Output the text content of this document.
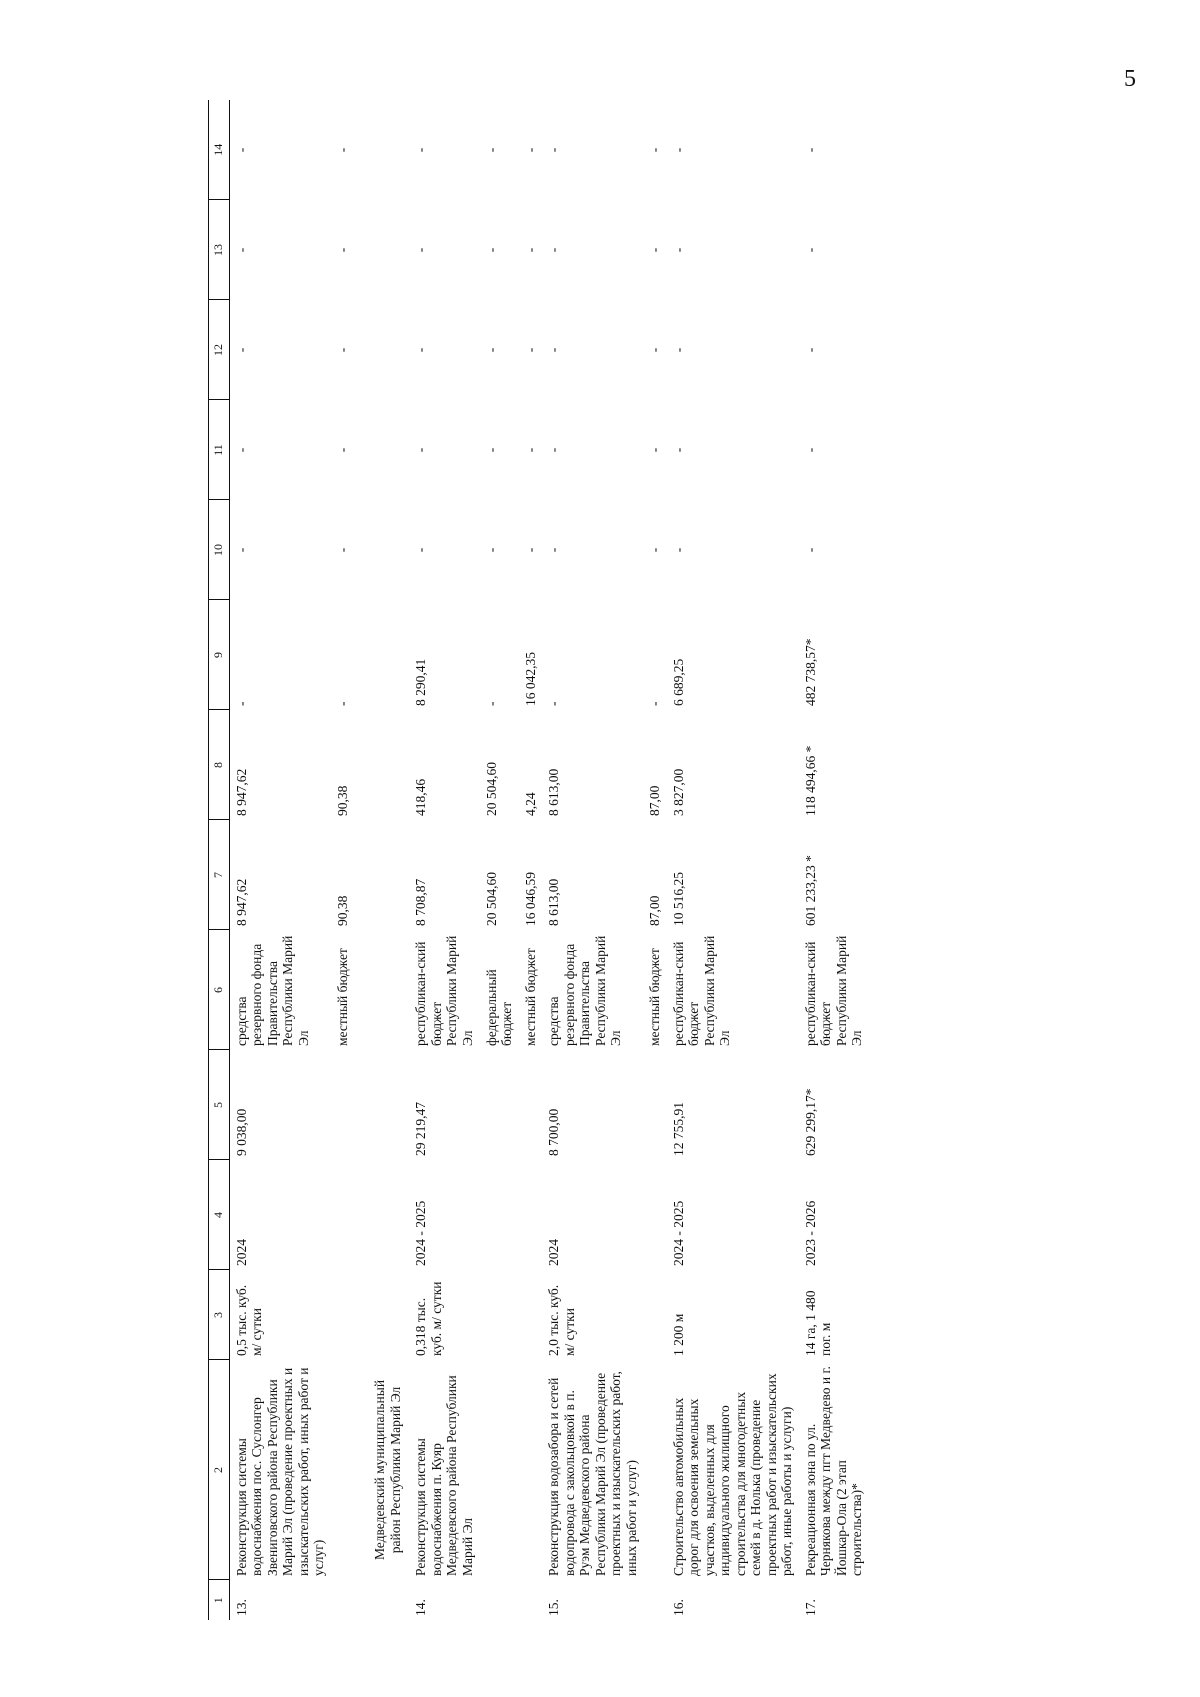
5
1	2	3	4	5	6	7	8	9	10	11	12	13	14
13.	Реконструкция системы водоснабжения пос. Суслонгер Звениговского района Республики Марий Эл (проведение проектных и изыскательских работ, иных работ и услуг)	0,5 тыс. куб. м/ сутки	2024	9 038,00	средства резервного фонда Правительства Республики Марий Эл	8 947,62	8 947,62	-	-	-	-	-	-
					местный бюджет	90,38	90,38	-	-	-	-	-	-
	Медведевский муниципальный район Республики Марий Эл												
14.	Реконструкция системы водоснабжения п. Куяр Медведевского района Республики Марий Эл	0,318 тыс. куб. м/ сутки	2024 - 2025	29 219,47	республикан-ский бюджет Республики Марий Эл	8 708,87	418,46	8 290,41	-	-	-	-	-
					федеральный бюджет	20 504,60	20 504,60	-	-	-	-	-	-
					местный бюджет	16 046,59	4,24	16 042,35	-	-	-	-	-
15.	Реконструкция водозабора и сетей водопровода с закольцовкой в п. Руэм Медведевского района Республики Марий Эл (проведение проектных и изыскательских работ, иных работ и услуг)	2,0 тыс. куб. м/ сутки	2024	8 700,00	средства резервного фонда Правительства Республики Марий Эл	8 613,00	8 613,00	-	-	-	-	-	-
					местный бюджет	87,00	87,00	-	-	-	-	-	-
16.	Строительство автомобильных дорог для освоения земельных участков, выделенных для индивидуального жилищного строительства для многодетных семей в д. Нолька (проведение проектных работ и изыскательских работ, иные работы и услуги)	1 200 м	2024 - 2025	12 755,91	республикан-ский бюджет Республики Марий Эл	10 516,25	3 827,00	6 689,25	-	-	-	-	-
17.	Рекреационная зона по ул. Чернякова между пгт Медведево и г. Йошкар-Ола (2 этап строительства)*	14 га, 1 480 пог. м	2023 - 2026	629 299,17*	республикан-ский бюджет Республики Марий Эл	601 233,23 *	118 494,66 *	482 738,57*	-	-	-	-	-
